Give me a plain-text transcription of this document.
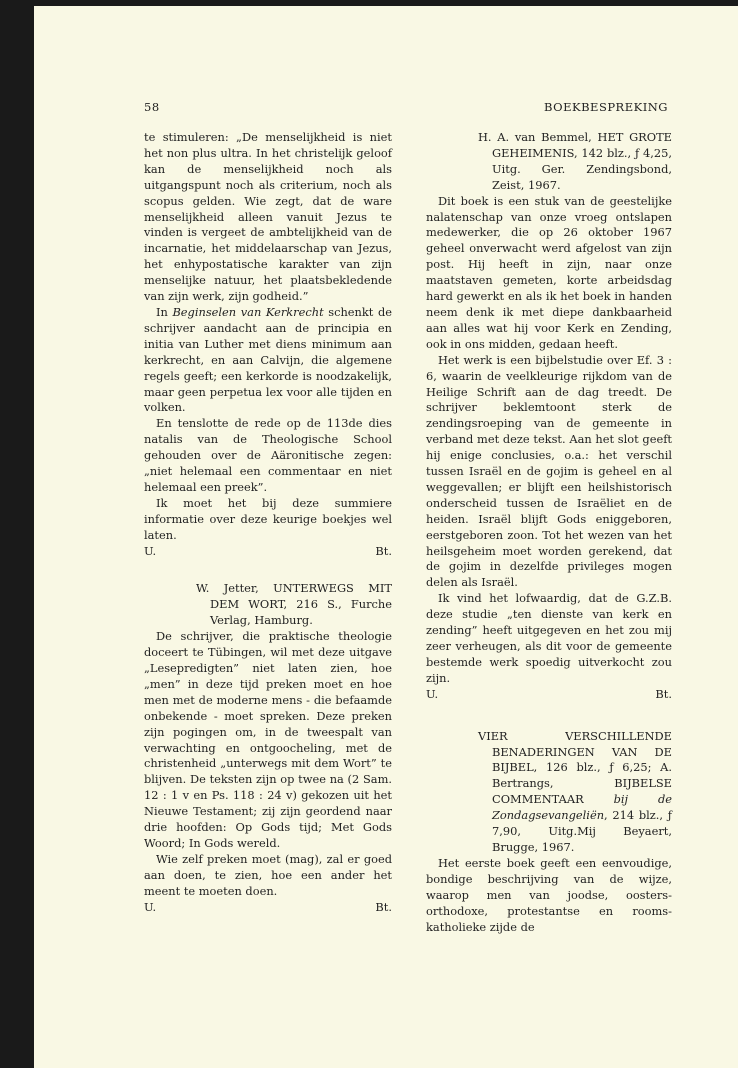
58	BOEKBESPREKING

te stimuleren: „De menselijkheid is niet het non plus ultra. In het christelijk geloof kan de menselijkheid noch als uitgangspunt noch als criterium, noch als scopus gelden. Wie zegt, dat de ware menselijkheid alleen vanuit Jezus te vinden is vergeet de ambtelijkheid van de incarnatie, het middelaarschap van Jezus, het enhypostatische karakter van zijn menselijke natuur, het plaatsbekledende van zijn werk, zijn godheid.”

In Beginselen van Kerkrecht schenkt de schrijver aandacht aan de principia en initia van Luther met diens minimum aan kerkrecht, en aan Calvijn, die algemene regels geeft; een kerkorde is noodzakelijk, maar geen perpetua lex voor alle tijden en volken.

En tenslotte de rede op de 113de dies natalis van de Theologische School gehouden over de Aäronitische zegen: „niet helemaal een commentaar en niet helemaal een preek”.

Ik moet het bij deze summiere informatie over deze keurige boekjes wel laten.

U.	Bt.

W. Jetter, UNTERWEGS MIT DEM WORT, 216 S., Furche Verlag, Hamburg.

De schrijver, die praktische theologie doceert te Tübingen, wil met deze uitgave „Lesepredigten” niet laten zien, hoe „men” in deze tijd preken moet en hoe men met de moderne mens - die befaamde onbekende - moet spreken. Deze preken zijn pogingen om, in de tweespalt van verwachting en ontgoocheling, met de christenheid „unterwegs mit dem Wort” te blijven. De teksten zijn op twee na (2 Sam. 12 : 1 v en Ps. 118 : 24 v) gekozen uit het Nieuwe Testament; zij zijn geordend naar drie hoofden: Op Gods tijd; Met Gods Woord; In Gods wereld.

Wie zelf preken moet (mag), zal er goed aan doen, te zien, hoe een ander het meent te moeten doen.

U.	Bt.

H. A. van Bemmel, HET GROTE GEHEIMENIS, 142 blz., ƒ 4,25, Uitg. Ger. Zendingsbond, Zeist, 1967.

Dit boek is een stuk van de geestelijke nalatenschap van onze vroeg ontslapen medewerker, die op 26 oktober 1967 geheel onverwacht werd afgelost van zijn post. Hij heeft in zijn, naar onze maatstaven gemeten, korte arbeidsdag hard gewerkt en als ik het boek in handen neem denk ik met diepe dankbaarheid aan alles wat hij voor Kerk en Zending, ook in ons midden, gedaan heeft.

Het werk is een bijbelstudie over Ef. 3 : 6, waarin de veelkleurige rijkdom van de Heilige Schrift aan de dag treedt. De schrijver beklemtoont sterk de zendingsroeping van de gemeente in verband met deze tekst. Aan het slot geeft hij enige conclusies, o.a.: het verschil tussen Israël en de gojim is geheel en al weggevallen; er blijft een heilshistorisch onderscheid tussen de Israëliet en de heiden. Israël blijft Gods eniggeboren, eerstgeboren zoon. Tot het wezen van het heilsgeheim moet worden gerekend, dat de gojim in dezelfde privileges mogen delen als Israël.

Ik vind het lofwaardig, dat de G.Z.B. deze studie „ten dienste van kerk en zending” heeft uitgegeven en het zou mij zeer verheugen, als dit voor de gemeente bestemde werk spoedig uitverkocht zou zijn.

U.	Bt.

VIER VERSCHILLENDE BENADERINGEN VAN DE BIJBEL, 126 blz., ƒ 6,25; A. Bertrangs, BIJBELSE COMMENTAAR bij de Zondagsevangeliën, 214 blz., ƒ 7,90, Uitg.Mij Beyaert, Brugge, 1967.

Het eerste boek geeft een eenvoudige, bondige beschrijving van de wijze, waarop men van joodse, oosters-orthodoxe, protestantse en rooms-katholieke zijde de
